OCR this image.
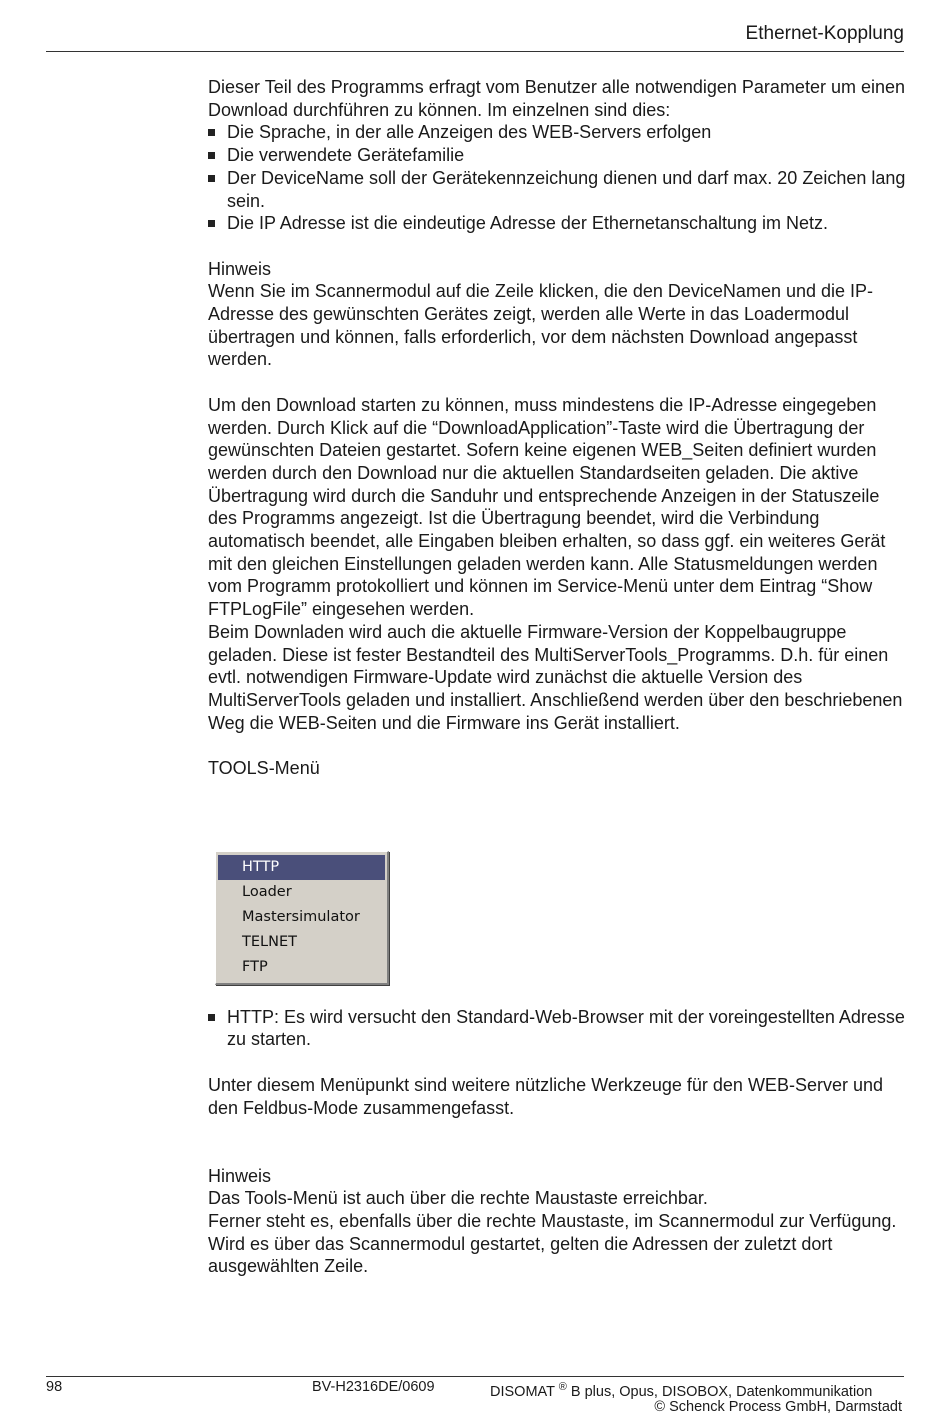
Ethernet-Kopplung

Dieser Teil des Programms erfragt vom Benutzer alle notwendigen Parameter um einen Download durchführen zu können. Im einzelnen sind dies:

Die Sprache, in der alle Anzeigen des WEB-Servers erfolgen
Die verwendete Gerätefamilie
Der DeviceName soll der Gerätekennzeichung dienen und darf max. 20 Zeichen lang sein.
Die IP Adresse ist die eindeutige Adresse der Ethernetanschaltung im Netz.

Hinweis

Wenn Sie im Scannermodul auf die Zeile klicken, die den DeviceNamen und die IP-Adresse des gewünschten Gerätes zeigt, werden alle Werte in das Loadermodul übertragen und können, falls erforderlich, vor dem nächsten Download angepasst werden.

Um den Download starten zu können, muss mindestens die IP-Adresse eingegeben werden. Durch Klick auf die “DownloadApplication”-Taste wird die Übertragung der gewünschten Dateien gestartet. Sofern keine eigenen WEB_Seiten definiert wurden werden durch den Download nur die aktuellen Standardseiten geladen. Die aktive Übertragung wird durch die Sanduhr und entsprechende Anzeigen in der Statuszeile des Programms angezeigt. Ist die Übertragung beendet, wird die Verbindung automatisch beendet, alle Eingaben bleiben erhalten, so dass ggf. ein weiteres Gerät mit den gleichen Einstellungen geladen werden kann. Alle Statusmeldungen werden vom Programm protokolliert und können im Service-Menü unter dem Eintrag “Show FTPLogFile” eingesehen werden.

Beim Downladen wird auch die aktuelle Firmware-Version der Koppelbaugruppe geladen. Diese ist fester Bestandteil des MultiServerTools_Programms. D.h. für einen evtl. notwendigen Firmware-Update wird zunächst die aktuelle Version des MultiServerTools geladen und installiert. Anschließend werden über den beschriebenen Weg die WEB-Seiten und die Firmware ins Gerät installiert.

TOOLS-Menü

HTTP: Es wird versucht den Standard-Web-Browser mit der voreingestellten Adresse zu starten.

Unter diesem Menüpunkt sind weitere nützliche Werkzeuge für den WEB-Server und den Feldbus-Mode zusammengefasst.

Hinweis

Das Tools-Menü ist auch über die rechte Maustaste erreichbar.

Ferner steht es, ebenfalls über die rechte Maustaste, im Scannermodul zur Verfügung. Wird es über das Scannermodul gestartet, gelten die Adressen der zuletzt dort ausgewählten Zeile.

HTTP
Loader
Mastersimulator
TELNET
FTP
98	BV-H2316DE/0609	DISOMAT ® B plus, Opus, DISOBOX, Datenkommunikation
© Schenck Process GmbH, Darmstadt
